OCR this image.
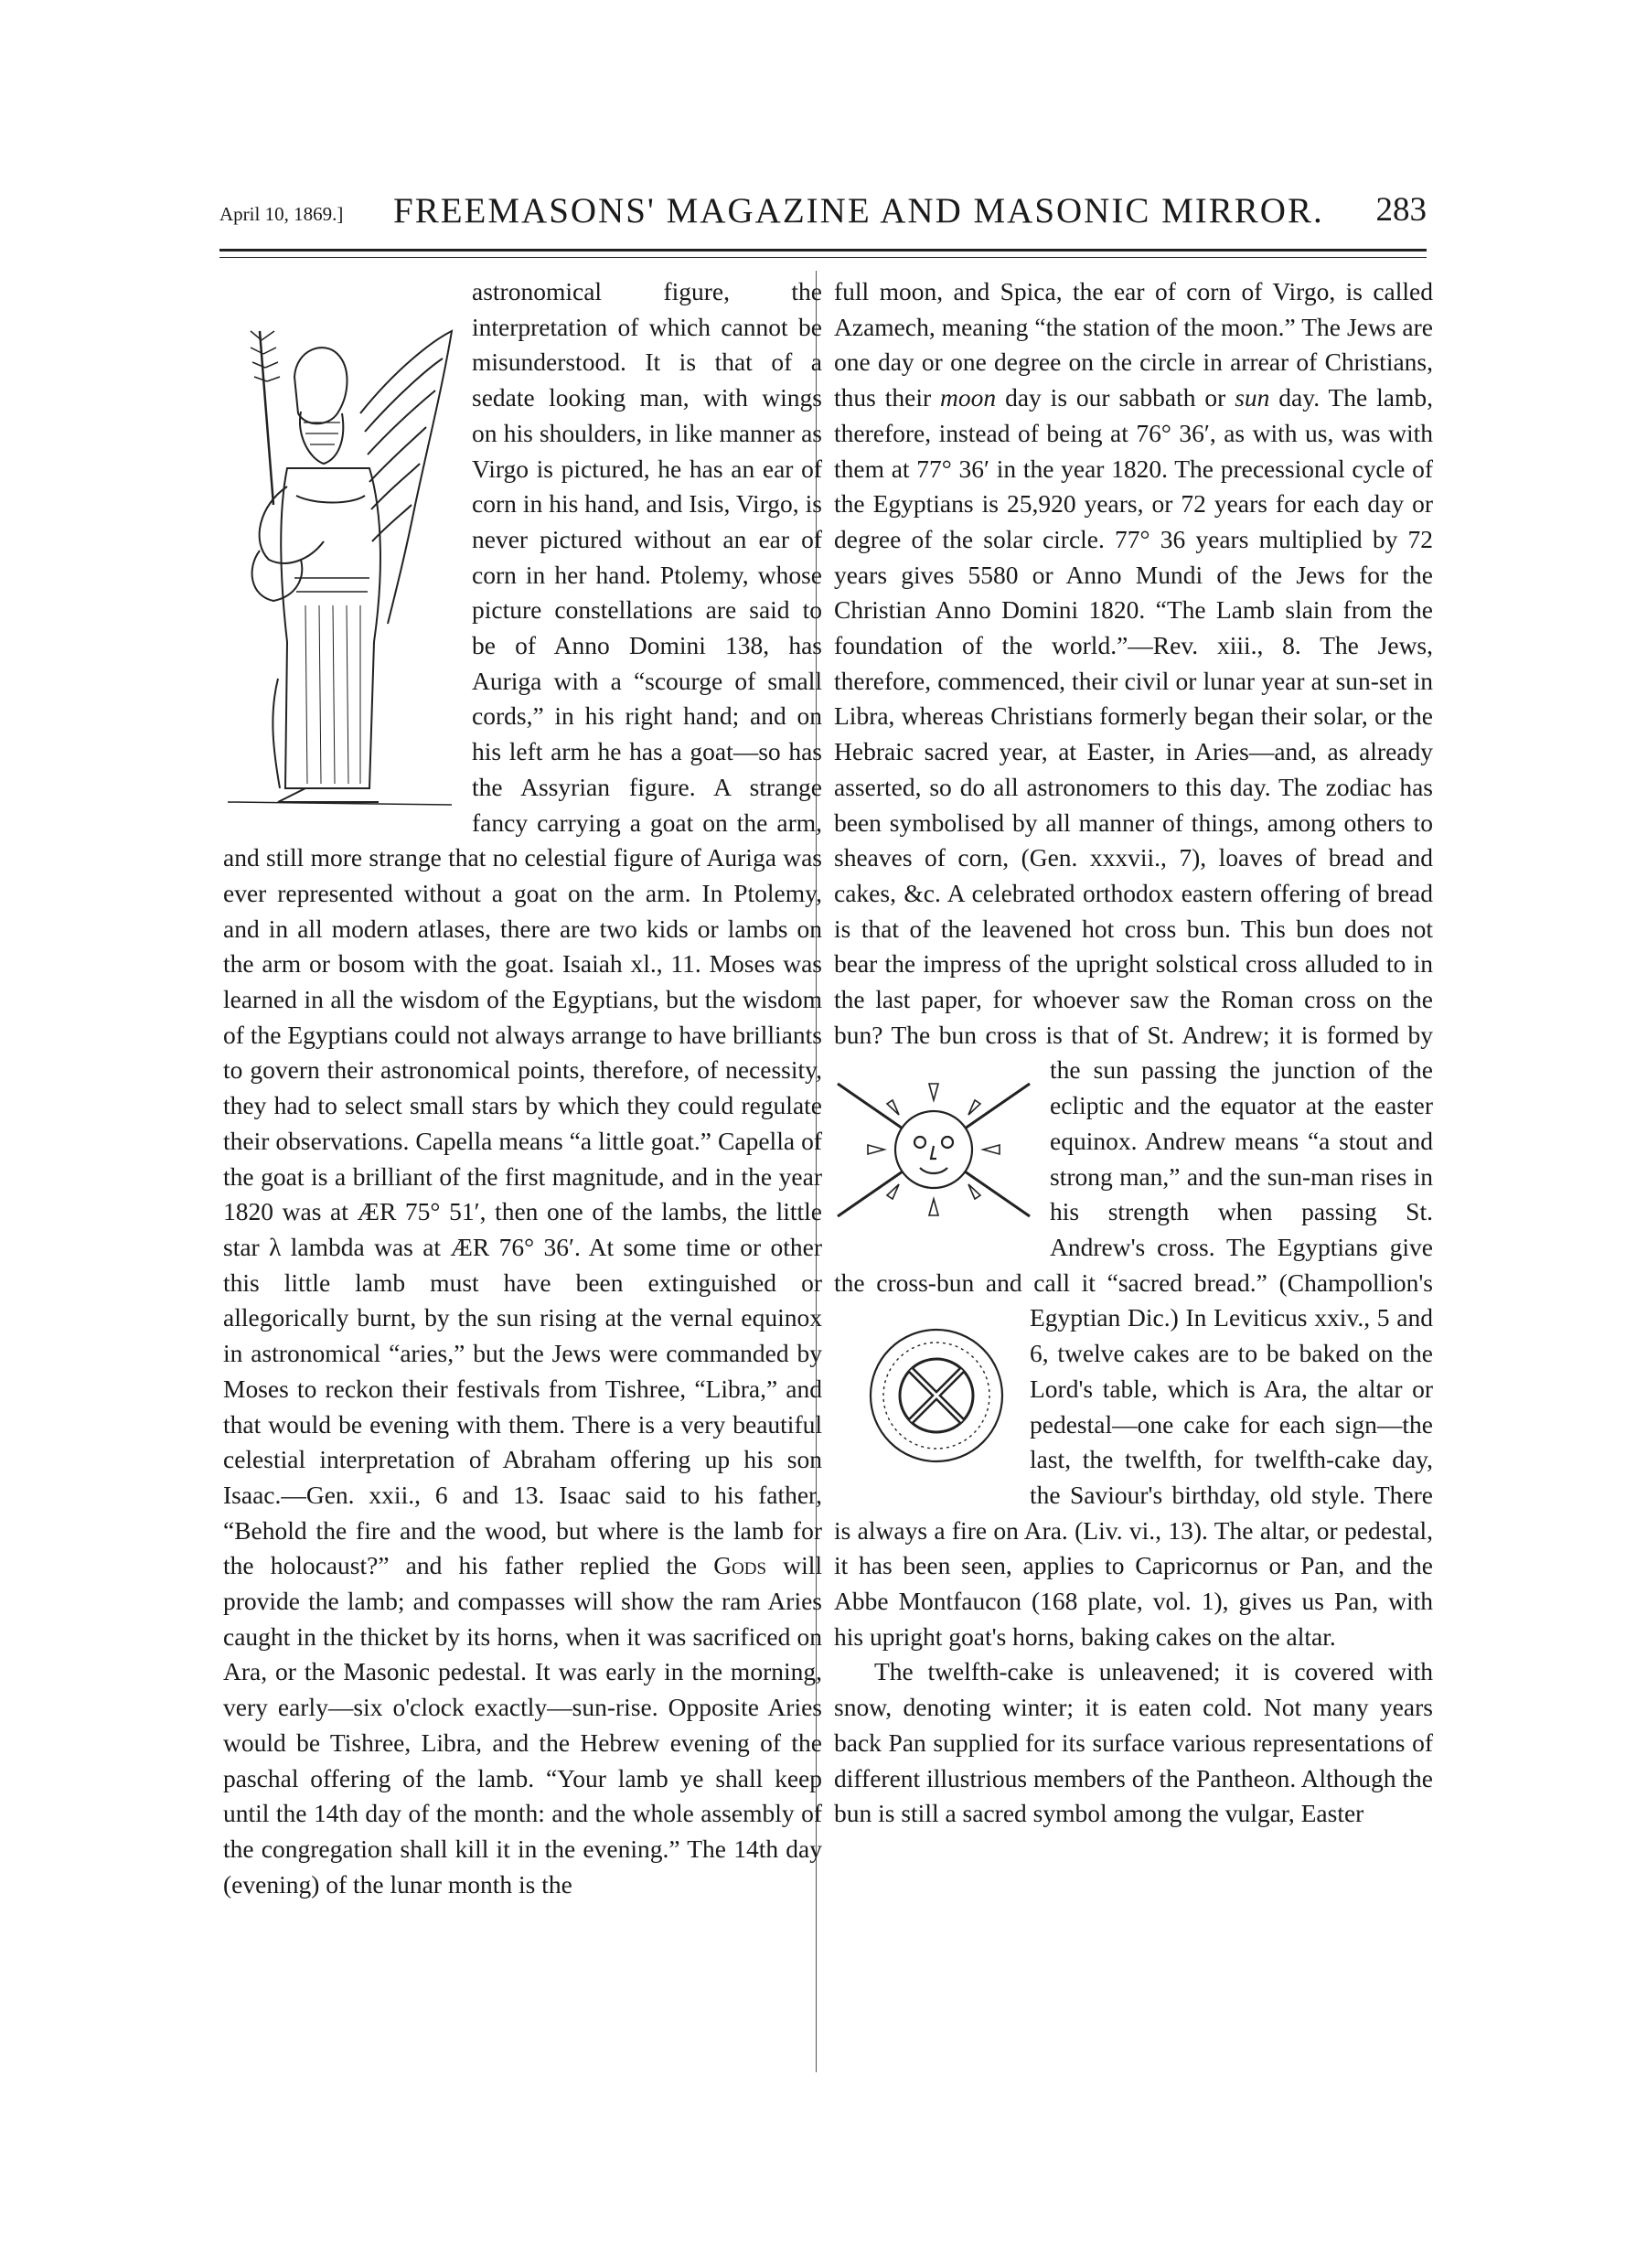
April 10, 1869.] FREEMASONS' MAGAZINE AND MASONIC MIRROR. 283

astronomical figure, the interpretation of which cannot be misunderstood. It is that of a sedate looking man, with wings on his shoulders, in like manner as Virgo is pictured, he has an ear of corn in his hand, and Isis, Virgo, is never pictured without an ear of corn in her hand. Ptolemy, whose picture constellations are said to be of Anno Domini 138, has Auriga with a “scourge of small cords,” in his right hand; and on his left arm he has a goat—so has the Assyrian figure. A strange fancy carrying a goat on the arm, and still more strange that no celestial figure of Auriga was ever represented without a goat on the arm. In Ptolemy, and in all modern atlases, there are two kids or lambs on the arm or bosom with the goat. Isaiah xl., 11. Moses was learned in all the wisdom of the Egyptians, but the wisdom of the Egyptians could not always arrange to have brilliants to govern their astronomical points, therefore, of necessity, they had to select small stars by which they could regulate their observations. Capella means “a little goat.” Capella of the goat is a brilliant of the first magnitude, and in the year 1820 was at ÆR 75° 51′, then one of the lambs, the little star λ lambda was at ÆR 76° 36′. At some time or other this little lamb must have been extinguished or allegorically burnt, by the sun rising at the vernal equinox in astronomical “aries,” but the Jews were commanded by Moses to reckon their festivals from Tishree, “Libra,” and that would be evening with them. There is a very beautiful celestial interpretation of Abraham offering up his son Isaac.—Gen. xxii., 6 and 13. Isaac said to his father, “Behold the fire and the wood, but where is the lamb for the holocaust?” and his father replied the Gods will provide the lamb; and compasses will show the ram Aries caught in the thicket by its horns, when it was sacrificed on Ara, or the Masonic pedestal. It was early in the morning, very early—six o'clock exactly—sun-rise. Opposite Aries would be Tishree, Libra, and the Hebrew evening of the paschal offering of the lamb. “Your lamb ye shall keep until the 14th day of the month: and the whole assembly of the congregation shall kill it in the evening.” The 14th day (evening) of the lunar month is the

full moon, and Spica, the ear of corn of Virgo, is called Azamech, meaning “the station of the moon.” The Jews are one day or one degree on the circle in arrear of Christians, thus their moon day is our sabbath or sun day. The lamb, therefore, instead of being at 76° 36′, as with us, was with them at 77° 36′ in the year 1820. The precessional cycle of the Egyptians is 25,920 years, or 72 years for each day or degree of the solar circle. 77° 36 years multiplied by 72 years gives 5580 or Anno Mundi of the Jews for the Christian Anno Domini 1820. “The Lamb slain from the foundation of the world.”—Rev. xiii., 8. The Jews, therefore, commenced, their civil or lunar year at sun-set in Libra, whereas Christians formerly began their solar, or the Hebraic sacred year, at Easter, in Aries—and, as already asserted, so do all astronomers to this day. The zodiac has been symbolised by all manner of things, among others to sheaves of corn, (Gen. xxxvii., 7), loaves of bread and cakes, &c. A celebrated orthodox eastern offering of bread is that of the leavened hot cross bun. This bun does not bear the impress of the upright solstical cross alluded to in the last paper, for whoever saw the Roman cross on the bun? The bun cross is that of St. Andrew;
it is formed by the sun passing the junction of the ecliptic and the equator at the easter equinox. Andrew means “a stout and strong man,” and the sun-man rises in his strength when passing St. Andrew's cross. The Egyptians give the cross-bun and call it “sacred bread.” (Champollion's
Egyptian Dic.) In Leviticus xxiv., 5 and 6, twelve cakes are to be baked on the Lord's table, which is Ara, the altar or pedestal—one cake for each sign—the last, the twelfth, for twelfth-cake day, the Saviour's birthday, old style. There is always a fire on Ara. (Liv. vi., 13). The altar, or pedestal, it has been seen, applies to Capricornus or Pan, and the Abbe Montfaucon (168 plate, vol. 1), gives us Pan, with his upright goat's horns, baking cakes on the altar.

The twelfth-cake is unleavened; it is covered with snow, denoting winter; it is eaten cold. Not many years back Pan supplied for its surface various representations of different illustrious members of the Pantheon. Although the bun is still a sacred symbol among the vulgar, Easter
